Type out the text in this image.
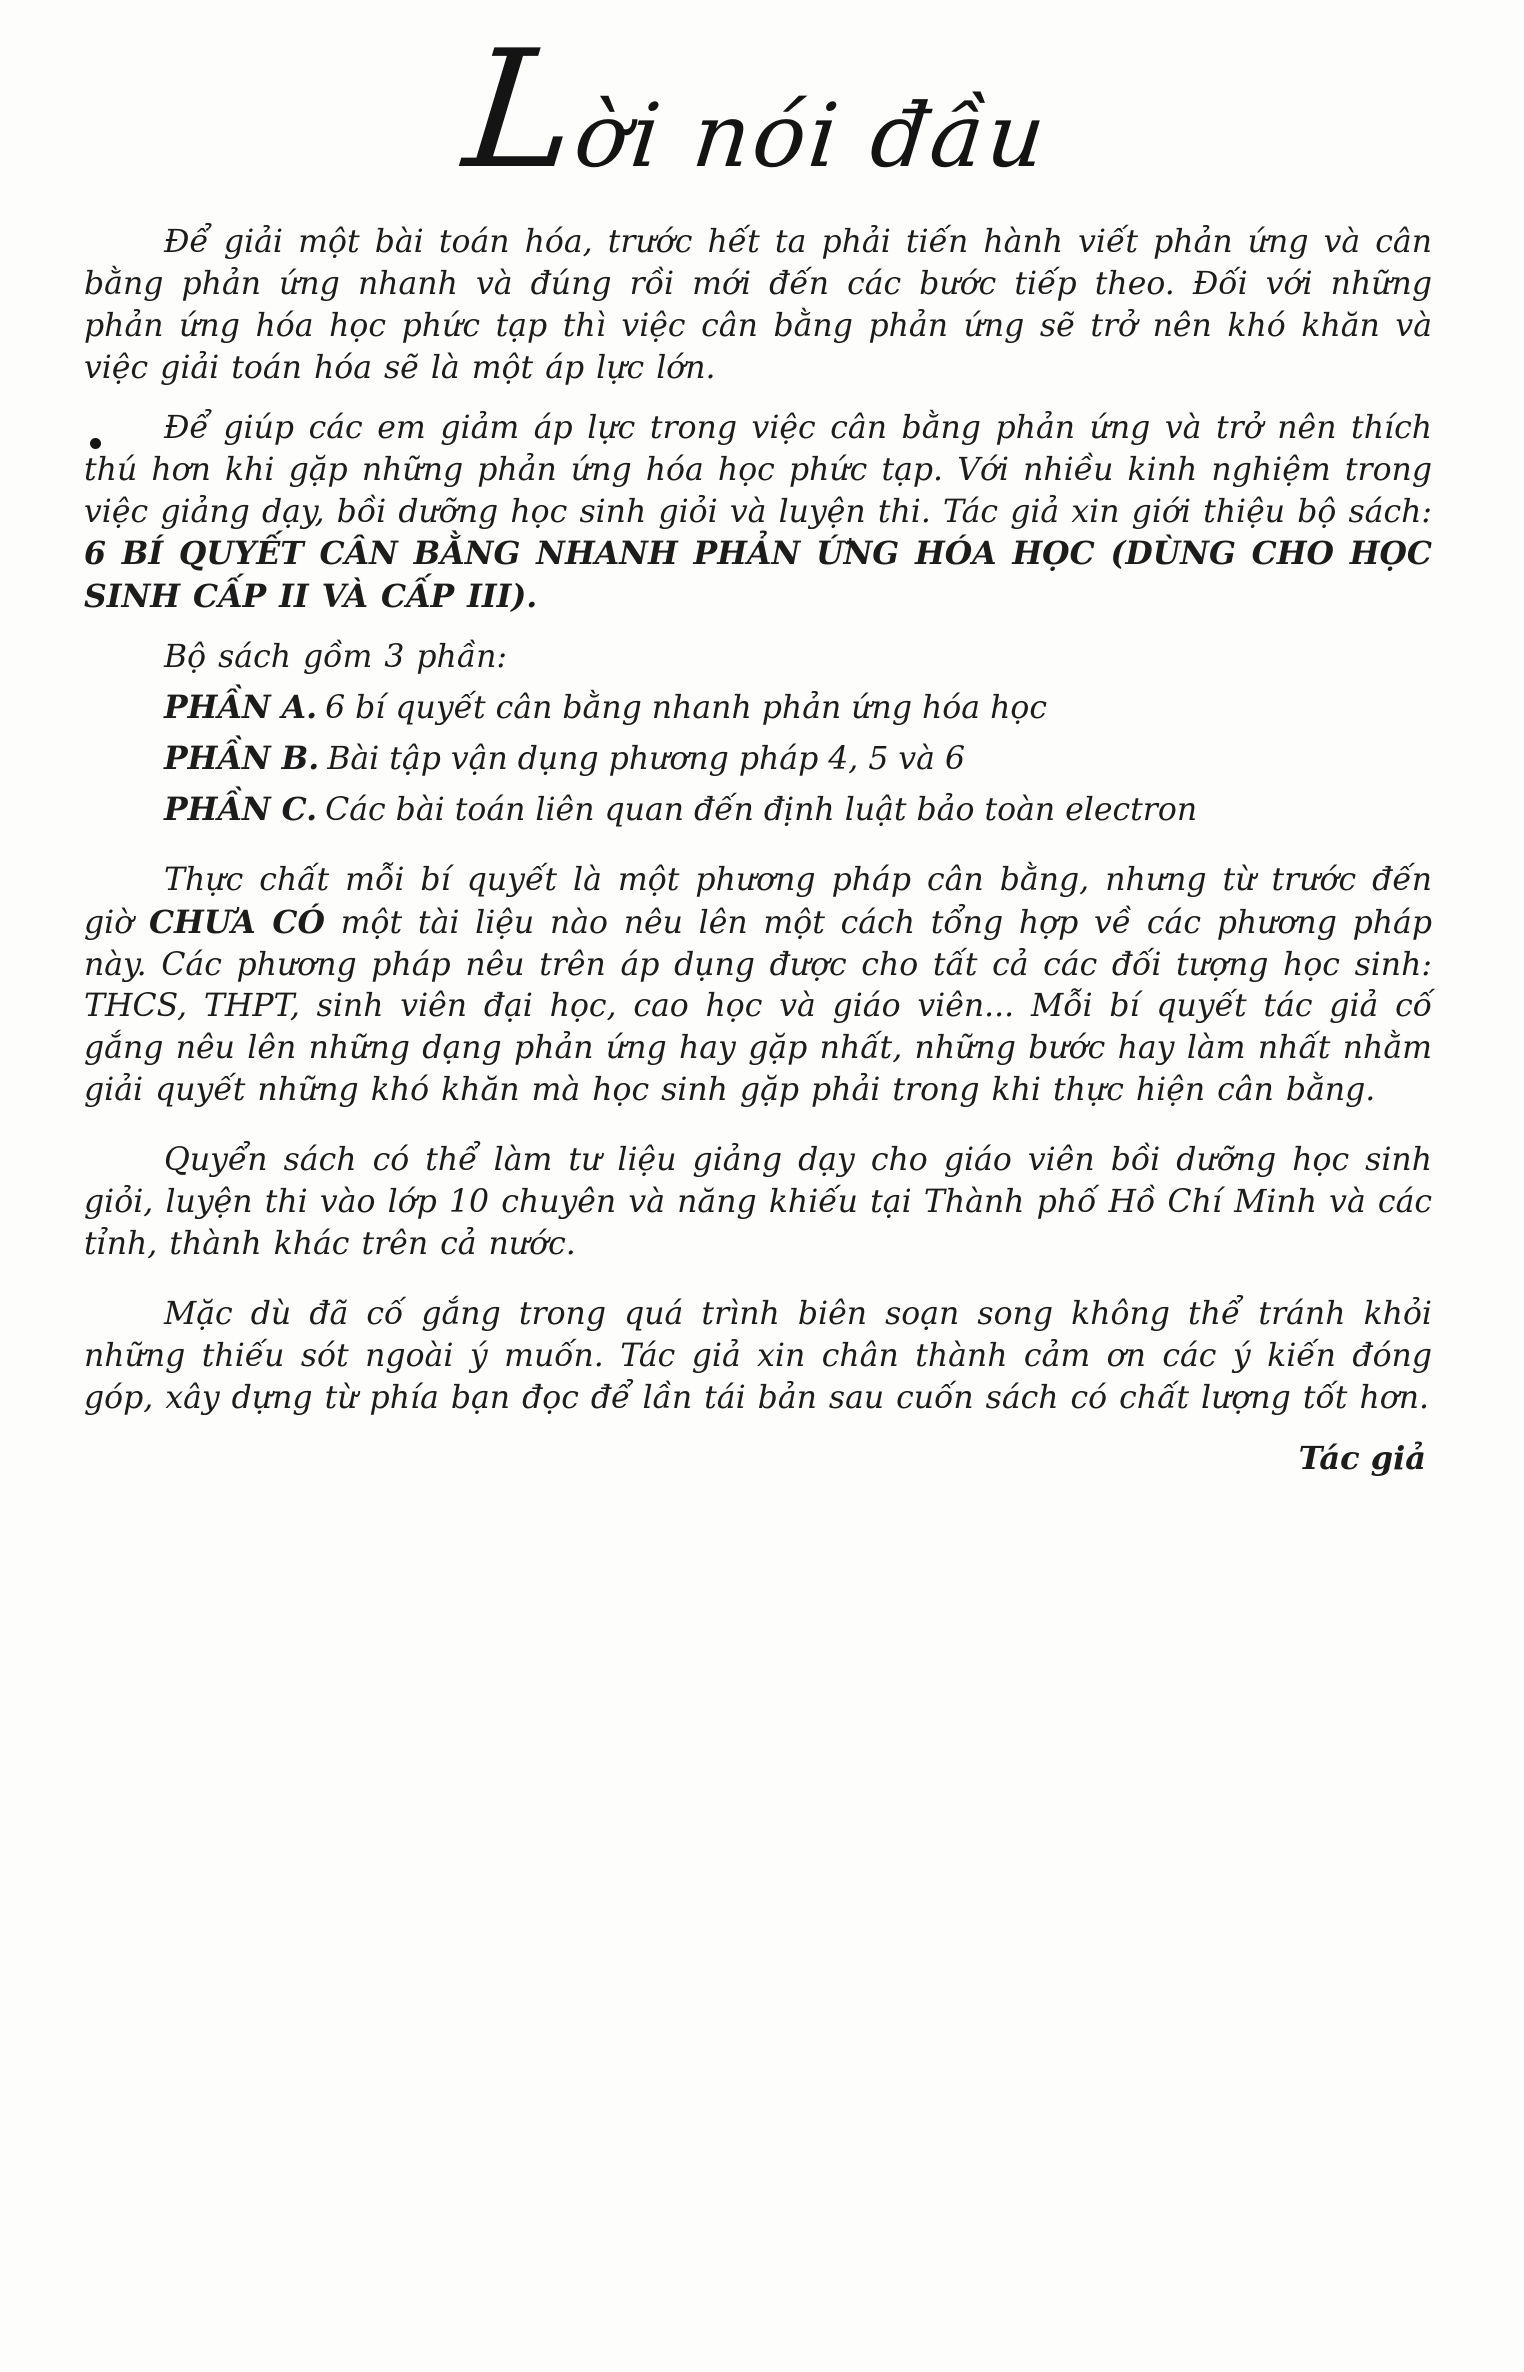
Lời nói đầu

Để giải một bài toán hóa, trước hết ta phải tiến hành viết phản ứng và cân bằng phản ứng nhanh và đúng rồi mới đến các bước tiếp theo. Đối với những phản ứng hóa học phức tạp thì việc cân bằng phản ứng sẽ trở nên khó khăn và việc giải toán hóa sẽ là một áp lực lớn.

Để giúp các em giảm áp lực trong việc cân bằng phản ứng và trở nên thích thú hơn khi gặp những phản ứng hóa học phức tạp. Với nhiều kinh nghiệm trong việc giảng dạy, bồi dưỡng học sinh giỏi và luyện thi. Tác giả xin giới thiệu bộ sách: 6 BÍ QUYẾT CÂN BẰNG NHANH PHẢN ỨNG HÓA HỌC (DÙNG CHO HỌC SINH CẤP II VÀ CẤP III).

Bộ sách gồm 3 phần:

PHẦN A. 6 bí quyết cân bằng nhanh phản ứng hóa học

PHẦN B. Bài tập vận dụng phương pháp 4, 5 và 6

PHẦN C. Các bài toán liên quan đến định luật bảo toàn electron

Thực chất mỗi bí quyết là một phương pháp cân bằng, nhưng từ trước đến giờ CHƯA CÓ một tài liệu nào nêu lên một cách tổng hợp về các phương pháp này. Các phương pháp nêu trên áp dụng được cho tất cả các đối tượng học sinh: THCS, THPT, sinh viên đại học, cao học và giáo viên... Mỗi bí quyết tác giả cố gắng nêu lên những dạng phản ứng hay gặp nhất, những bước hay làm nhất nhằm giải quyết những khó khăn mà học sinh gặp phải trong khi thực hiện cân bằng.

Quyển sách có thể làm tư liệu giảng dạy cho giáo viên bồi dưỡng học sinh giỏi, luyện thi vào lớp 10 chuyên và năng khiếu tại Thành phố Hồ Chí Minh và các tỉnh, thành khác trên cả nước.

Mặc dù đã cố gắng trong quá trình biên soạn song không thể tránh khỏi những thiếu sót ngoài ý muốn. Tác giả xin chân thành cảm ơn các ý kiến đóng góp, xây dựng từ phía bạn đọc để lần tái bản sau cuốn sách có chất lượng tốt hơn.

Tác giả
